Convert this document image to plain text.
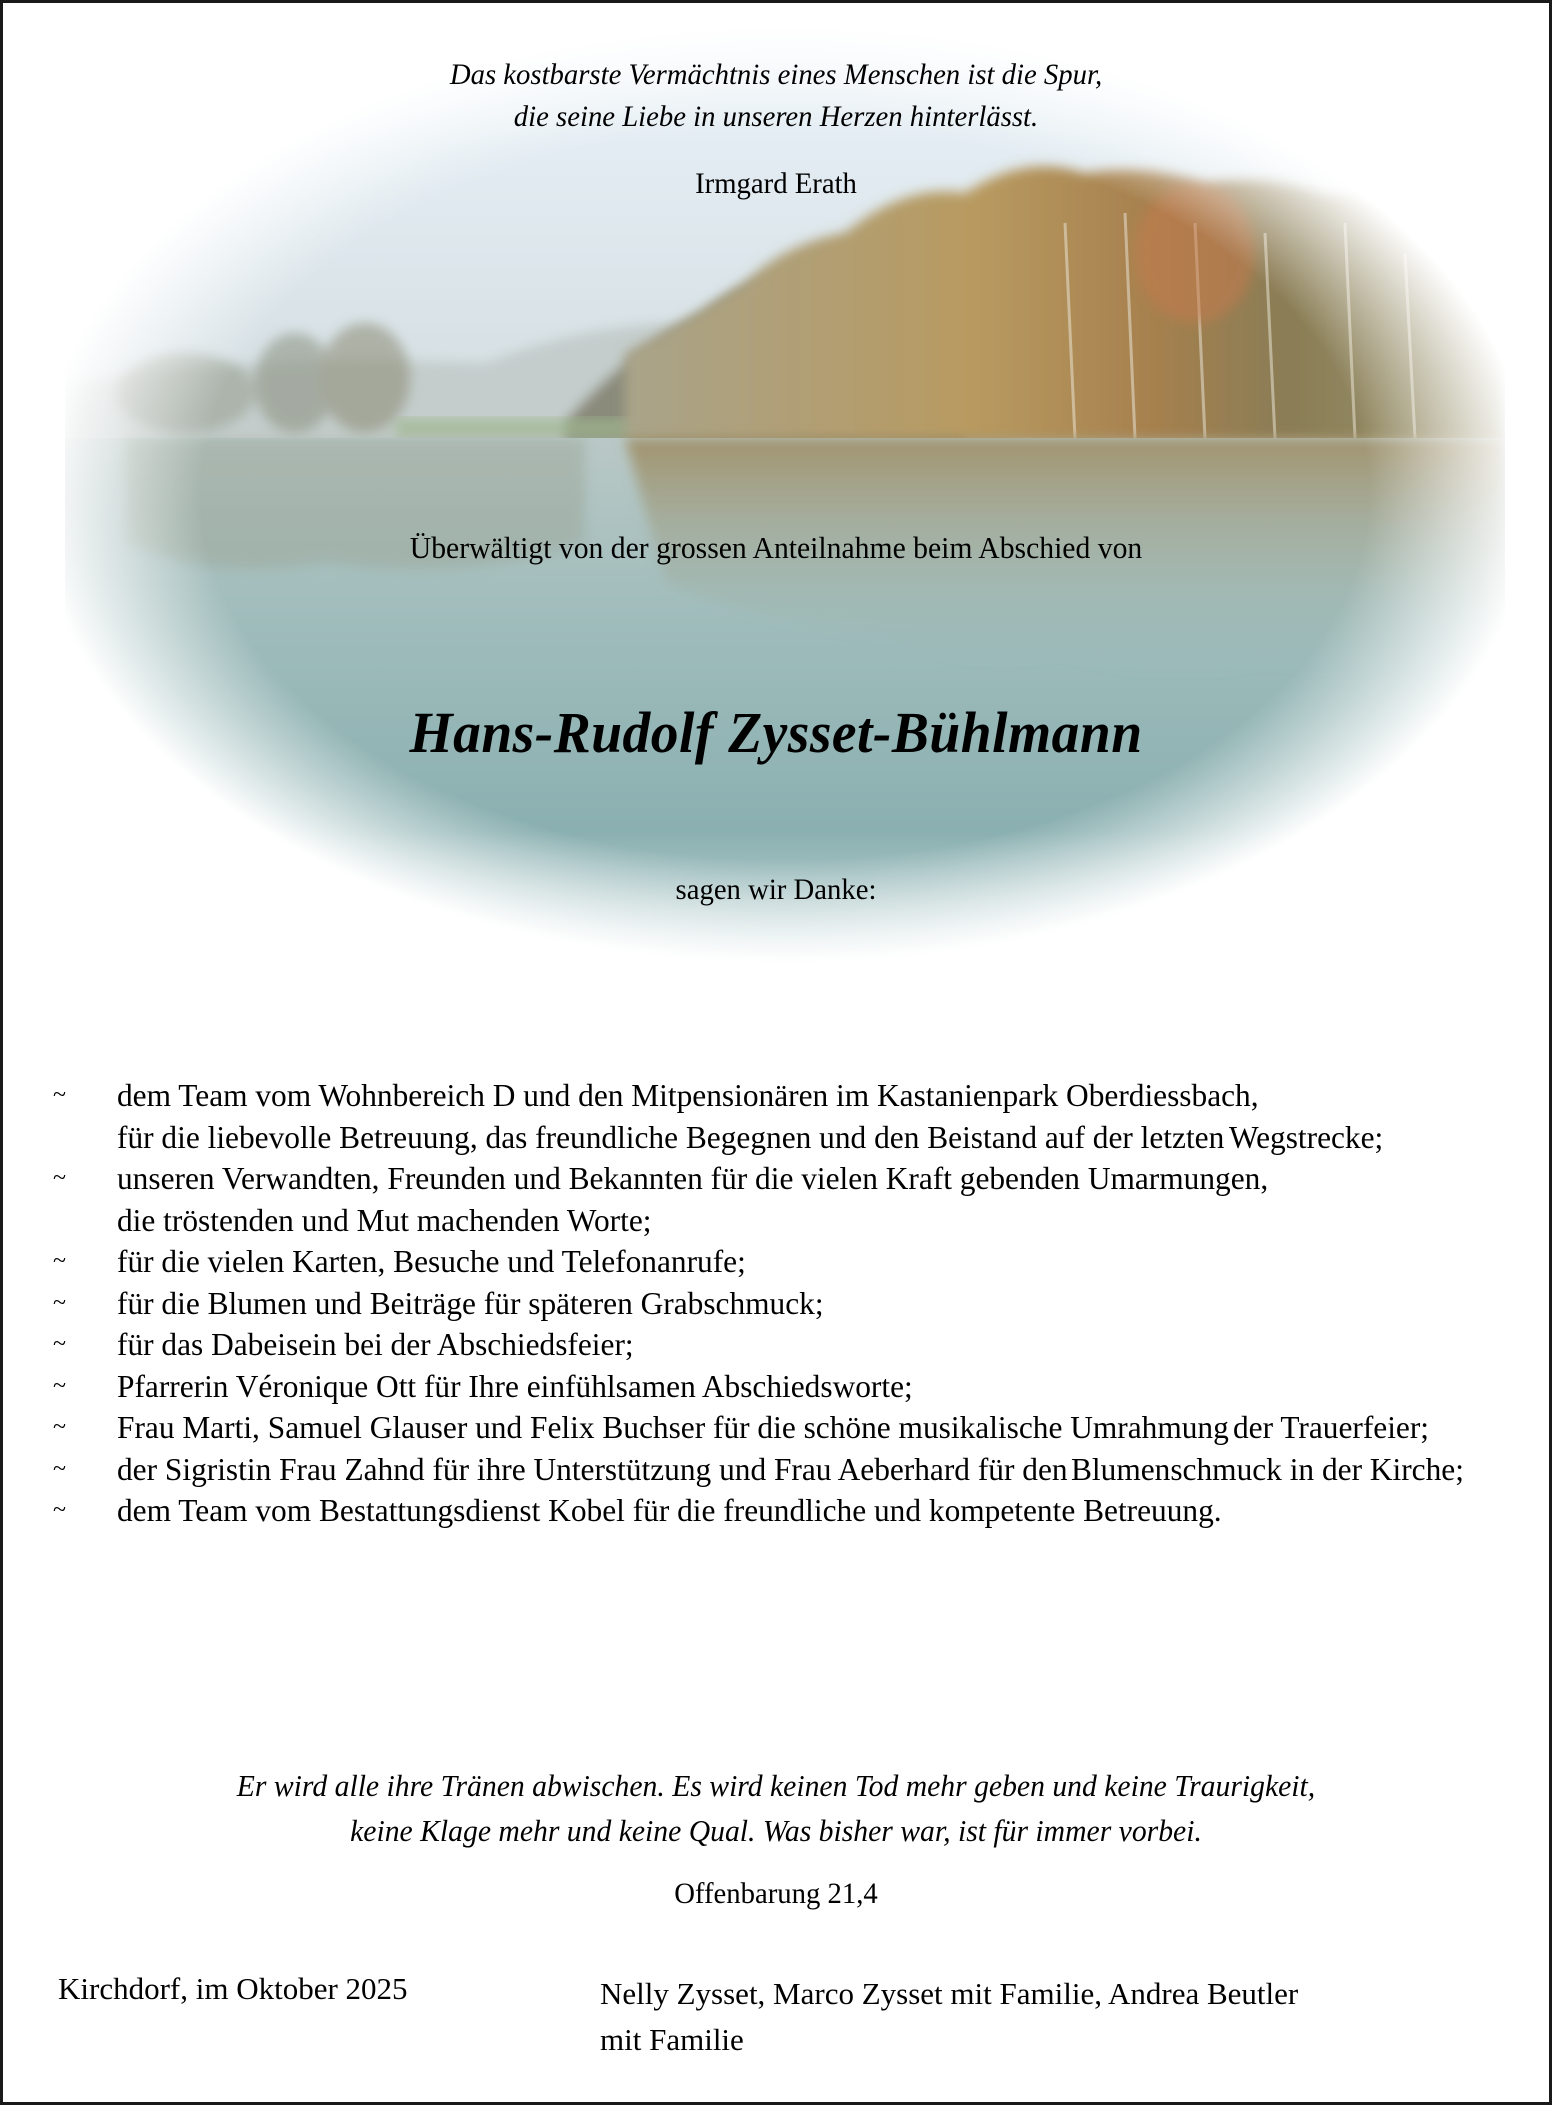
Das kostbarste Vermächtnis eines Menschen ist die Spur,
die seine Liebe in unseren Herzen hinterlässt.
Irmgard Erath
Überwältigt von der grossen Anteilnahme beim Abschied von
Hans-Rudolf Zysset-Bühlmann
sagen wir Danke:
~ dem Team vom Wohnbereich D und den Mitpensionären im Kastanienpark Oberdiessbach,für die liebevolle Betreuung, das freundliche Begegnen und den Beistand auf der letzten Wegstrecke;
~ unseren Verwandten, Freunden und Bekannten für die vielen Kraft gebenden Umarmungen,die tröstenden und Mut machenden Worte;
~ für die vielen Karten, Besuche und Telefonanrufe;
~ für die Blumen und Beiträge für späteren Grabschmuck;
~ für das Dabeisein bei der Abschiedsfeier;
~ Pfarrerin Véronique Ott für Ihre einfühlsamen Abschiedsworte;
~ Frau Marti, Samuel Glauser und Felix Buchser für die schöne musikalische Umrahmung der Trauerfeier;
~ der Sigristin Frau Zahnd für ihre Unterstützung und Frau Aeberhard für den Blumenschmuck in der Kirche;
~ dem Team vom Bestattungsdienst Kobel für die freundliche und kompetente Betreuung.
Er wird alle ihre Tränen abwischen. Es wird keinen Tod mehr geben und keine Traurigkeit,
keine Klage mehr und keine Qual. Was bisher war, ist für immer vorbei.
Offenbarung 21,4
Kirchdorf, im Oktober 2025	Nelly Zysset, Marco Zysset mit Familie, Andrea Beutler
mit Familie
